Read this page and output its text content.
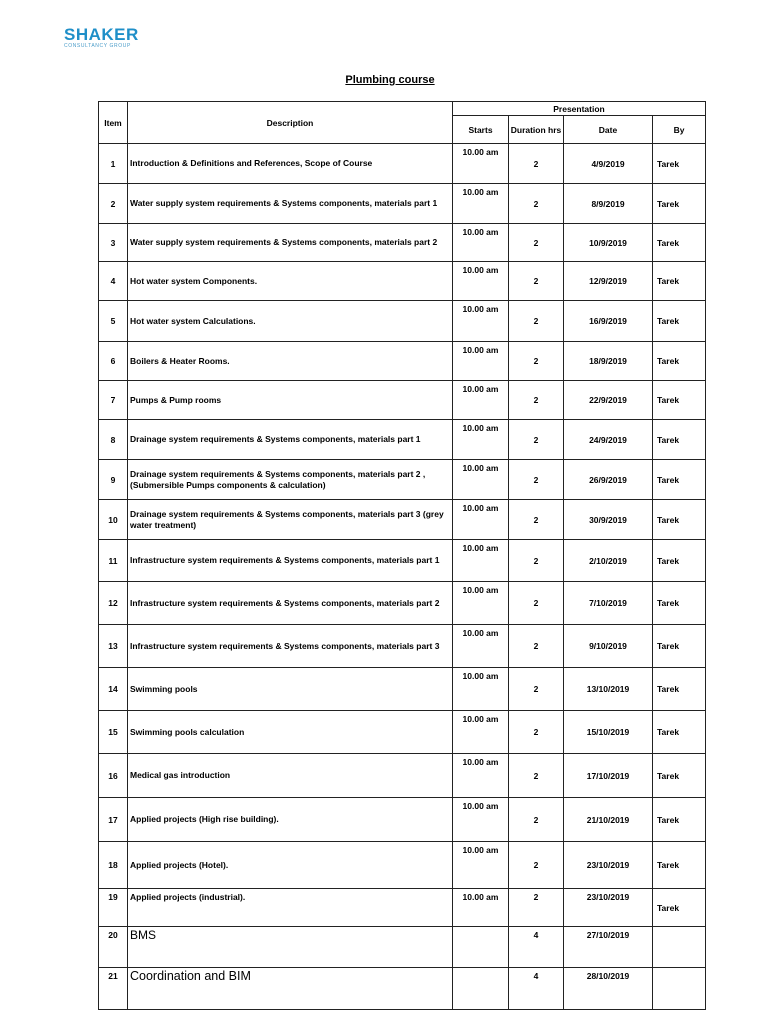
SHAKER
CONSULTANCY GROUP
Plumbing course
Item	Description	Presentation			
		Starts	Duration hrs	Date	By
1	Introduction & Definitions and References, Scope of Course	10.00 am	2	4/9/2019	Tarek
2	Water supply system requirements & Systems components, materials part 1	10.00 am	2	8/9/2019	Tarek
3	Water supply system requirements & Systems components, materials part 2	10.00 am	2	10/9/2019	Tarek
4	Hot water system Components.	10.00 am	2	12/9/2019	Tarek
5	Hot water system Calculations.	10.00 am	2	16/9/2019	Tarek
6	Boilers & Heater Rooms.	10.00 am	2	18/9/2019	Tarek
7	Pumps & Pump rooms	10.00 am	2	22/9/2019	Tarek
8	Drainage system requirements & Systems components, materials part 1	10.00 am	2	24/9/2019	Tarek
9	Drainage system requirements & Systems components, materials part 2 ,(Submersible Pumps components & calculation)	10.00 am	2	26/9/2019	Tarek
10	Drainage system requirements & Systems components, materials part 3 (grey water treatment)	10.00 am	2	30/9/2019	Tarek
11	Infrastructure system requirements & Systems components, materials part 1	10.00 am	2	2/10/2019	Tarek
12	Infrastructure system requirements & Systems components, materials part 2	10.00 am	2	7/10/2019	Tarek
13	Infrastructure system requirements & Systems components, materials part 3	10.00 am	2	9/10/2019	Tarek
14	Swimming pools	10.00 am	2	13/10/2019	Tarek
15	Swimming pools calculation	10.00 am	2	15/10/2019	Tarek
16	Medical gas introduction	10.00 am	2	17/10/2019	Tarek
17	Applied projects (High rise building).	10.00 am	2	21/10/2019	Tarek
18	Applied projects (Hotel).	10.00 am	2	23/10/2019	Tarek
19	Applied projects (industrial).	10.00 am	2	23/10/2019	Tarek
20	BMS		4	27/10/2019	
21	Coordination and BIM		4	28/10/2019	
